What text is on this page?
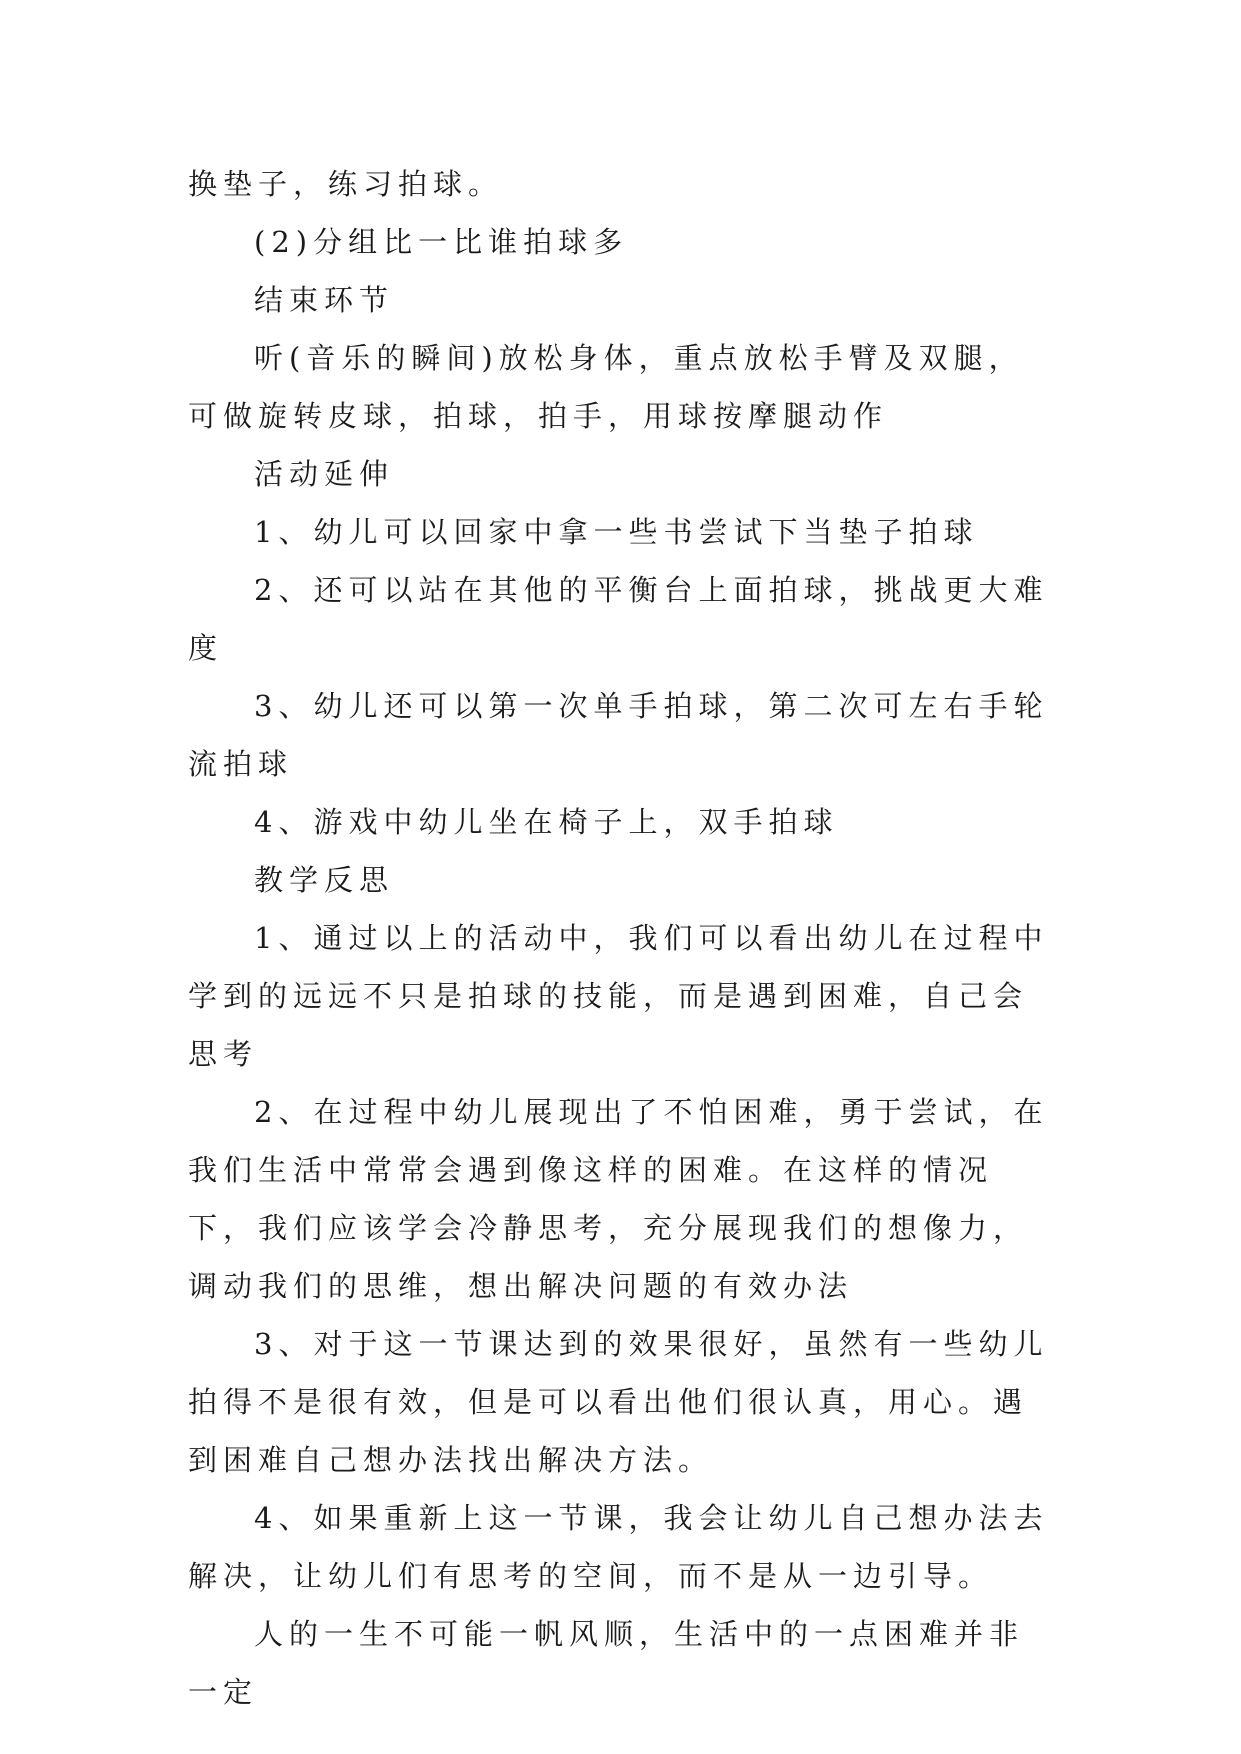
换垫子，练习拍球。

(2)分组比一比谁拍球多

结束环节

听(音乐的瞬间)放松身体，重点放松手臂及双腿，可做旋转皮球，拍球，拍手，用球按摩腿动作

活动延伸

1、幼儿可以回家中拿一些书尝试下当垫子拍球

2、还可以站在其他的平衡台上面拍球，挑战更大难度

3、幼儿还可以第一次单手拍球，第二次可左右手轮流拍球

4、游戏中幼儿坐在椅子上，双手拍球

教学反思

1、通过以上的活动中，我们可以看出幼儿在过程中学到的远远不只是拍球的技能，而是遇到困难，自己会思考

2、在过程中幼儿展现出了不怕困难，勇于尝试，在我们生活中常常会遇到像这样的困难。在这样的情况下，我们应该学会冷静思考，充分展现我们的想像力，调动我们的思维，想出解决问题的有效办法

3、对于这一节课达到的效果很好，虽然有一些幼儿拍得不是很有效，但是可以看出他们很认真，用心。遇到困难自己想办法找出解决方法。

4、如果重新上这一节课，我会让幼儿自己想办法去解决，让幼儿们有思考的空间，而不是从一边引导。

人的一生不可能一帆风顺，生活中的一点困难并非一定
